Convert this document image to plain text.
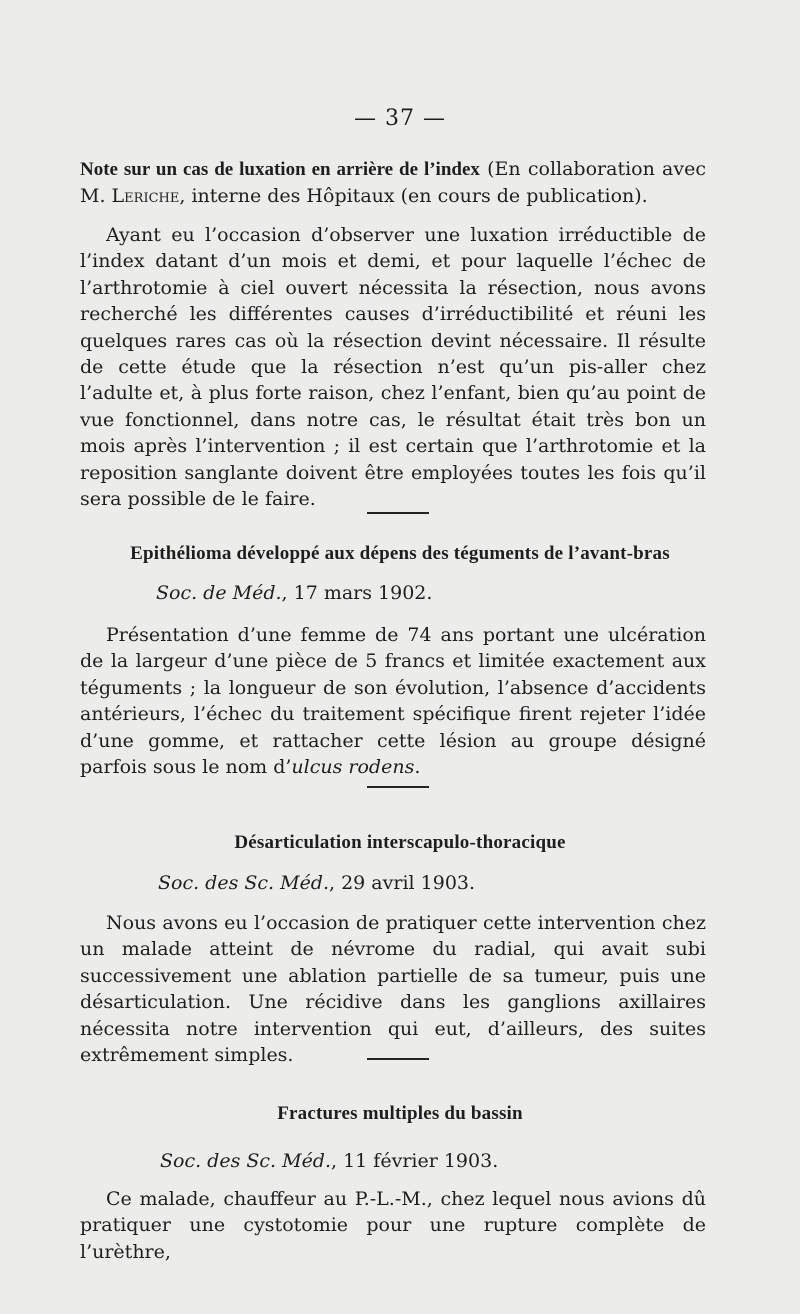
— 37 —

Note sur un cas de luxation en arrière de l’index (En collaboration avec M. Leriche, interne des Hôpitaux (en cours de publication).

Ayant eu l’occasion d’observer une luxation irréductible de l’index datant d’un mois et demi, et pour laquelle l’échec de l’arthrotomie à ciel ouvert nécessita la résection, nous avons recherché les différentes causes d’irréductibilité et réuni les quelques rares cas où la résection devint nécessaire. Il résulte de cette étude que la résection n’est qu’un pis-aller chez l’adulte et, à plus forte raison, chez l’enfant, bien qu’au point de vue fonctionnel, dans notre cas, le résultat était très bon un mois après l’intervention ; il est certain que l’arthrotomie et la reposition sanglante doivent être employées toutes les fois qu’il sera possible de le faire.

Epithélioma développé aux dépens des téguments de l’avant-bras
Soc. de Méd., 17 mars 1902.

Présentation d’une femme de 74 ans portant une ulcération de la largeur d’une pièce de 5 francs et limitée exactement aux téguments ; la longueur de son évolution, l’absence d’accidents antérieurs, l’échec du traitement spécifique firent rejeter l’idée d’une gomme, et rattacher cette lésion au groupe désigné parfois sous le nom d’ulcus rodens.

Désarticulation interscapulo-thoracique
Soc. des Sc. Méd., 29 avril 1903.

Nous avons eu l’occasion de pratiquer cette intervention chez un malade atteint de névrome du radial, qui avait subi successivement une ablation partielle de sa tumeur, puis une désarticulation. Une récidive dans les ganglions axillaires nécessita notre intervention qui eut, d’ailleurs, des suites extrêmement simples.

Fractures multiples du bassin
Soc. des Sc. Méd., 11 février 1903.

Ce malade, chauffeur au P.-L.-M., chez lequel nous avions dû pratiquer une cystotomie pour une rupture complète de l’urèthre,
